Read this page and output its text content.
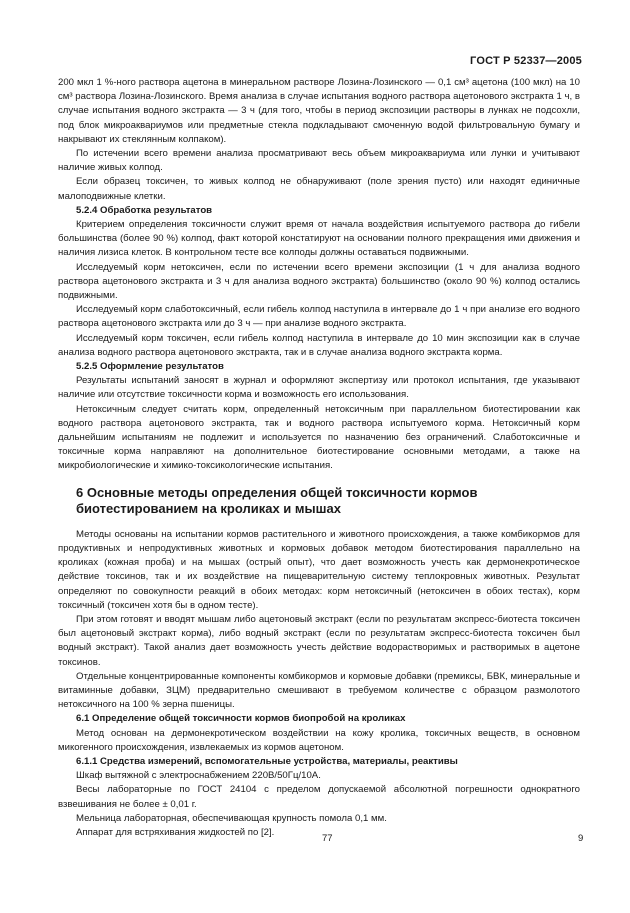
ГОСТ Р 52337—2005

200 мкл 1 %-ного раствора ацетона в минеральном растворе Лозина-Лозинского — 0,1 см³ ацетона (100 мкл) на 10 см³ раствора Лозина-Лозинского. Время анализа в случае испытания водного раствора ацетонового экстракта 1 ч, в случае испытания водного экстракта — 3 ч (для того, чтобы в период экспозиции растворы в лунках не подсохли, под блок микроаквариумов или предметные стекла подкладывают смоченную водой фильтровальную бумагу и накрывают их стеклянным колпаком).

По истечении всего времени анализа просматривают весь объем микроаквариума или лунки и учитывают наличие живых колпод.

Если образец токсичен, то живых колпод не обнаруживают (поле зрения пусто) или находят единичные малоподвижные клетки.

5.2.4 Обработка результатов

Критерием определения токсичности служит время от начала воздействия испытуемого раствора до гибели большинства (более 90 %) колпод, факт которой констатируют на основании полного прекращения ими движения и наличия лизиса клеток. В контрольном тесте все колподы должны оставаться подвижными.

Исследуемый корм нетоксичен, если по истечении всего времени экспозиции (1 ч для анализа водного раствора ацетонового экстракта и 3 ч для анализа водного экстракта) большинство (около 90 %) колпод остались подвижными.

Исследуемый корм слаботоксичный, если гибель колпод наступила в интервале до 1 ч при анализе его водного раствора ацетонового экстракта или до 3 ч — при анализе водного экстракта.

Исследуемый корм токсичен, если гибель колпод наступила в интервале до 10 мин экспозиции как в случае анализа водного раствора ацетонового экстракта, так и в случае анализа водного экстракта корма.

5.2.5 Оформление результатов

Результаты испытаний заносят в журнал и оформляют экспертизу или протокол испытания, где указывают наличие или отсутствие токсичности корма и возможность его использования.

Нетоксичным следует считать корм, определенный нетоксичным при параллельном биотестировании как водного раствора ацетонового экстракта, так и водного раствора испытуемого корма. Нетоксичный корм дальнейшим испытаниям не подлежит и используется по назначению без ограничений. Слаботоксичные и токсичные корма направляют на дополнительное биотестирование основными методами, а также на микробиологические и химико-токсикологические испытания.

6 Основные методы определения общей токсичности кормов биотестированием на кроликах и мышах

Методы основаны на испытании кормов растительного и животного происхождения, а также комбикормов для продуктивных и непродуктивных животных и кормовых добавок методом биотестирования параллельно на кроликах (кожная проба) и на мышах (острый опыт), что дает возможность учесть как дермонекротическое действие токсинов, так и их воздействие на пищеварительную систему теплокровных животных. Результат определяют по совокупности реакций в обоих методах: корм нетоксичный (нетоксичен в обоих тестах), корм токсичный (токсичен хотя бы в одном тесте).

При этом готовят и вводят мышам либо ацетоновый экстракт (если по результатам экспресс-биотеста токсичен был ацетоновый экстракт корма), либо водный экстракт (если по результатам экспресс-биотеста токсичен был водный экстракт). Такой анализ дает возможность учесть действие водорастворимых и растворимых в ацетоне токсинов.

Отдельные концентрированные компоненты комбикормов и кормовые добавки (премиксы, БВК, минеральные и витаминные добавки, ЗЦМ) предварительно смешивают в требуемом количестве с образцом размолотого нетоксичного на 100 % зерна пшеницы.

6.1 Определение общей токсичности кормов биопробой на кроликах

Метод основан на дермонекротическом воздействии на кожу кролика, токсичных веществ, в основном микогенного происхождения, извлекаемых из кормов ацетоном.

6.1.1 Средства измерений, вспомогательные устройства, материалы, реактивы

Шкаф вытяжной с электроснабжением 220В/50Гц/10А.

Весы лабораторные по ГОСТ 24104 с пределом допускаемой абсолютной погрешности однократного взвешивания не более ± 0,01 г.

Мельница лабораторная, обеспечивающая крупность помола 0,1 мм.

Аппарат для встряхивания жидкостей по [2].

77	9
